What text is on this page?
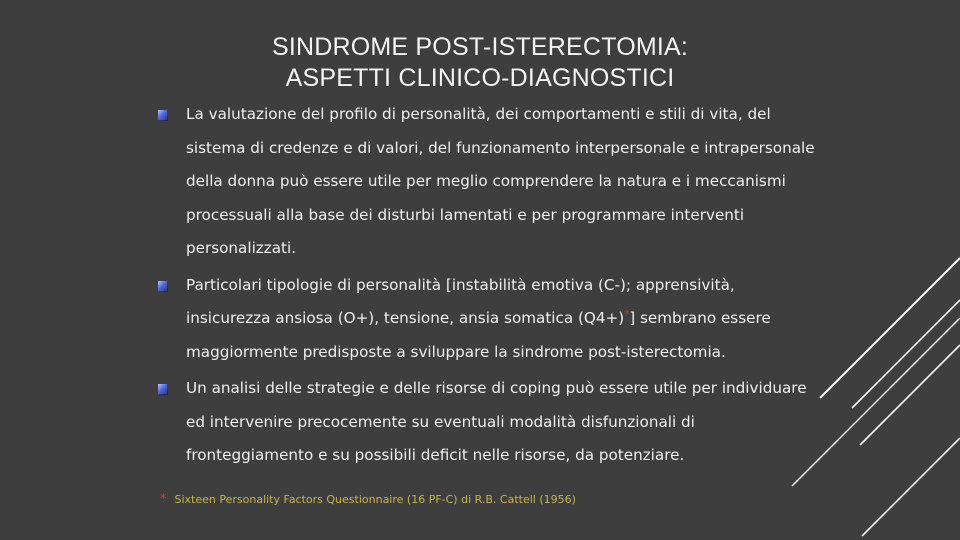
SINDROME POST-ISTERECTOMIA:
ASPETTI CLINICO-DIAGNOSTICI
La valutazione del profilo di personalità, dei comportamenti e stili di vita, del sistema di credenze e di valori, del funzionamento interpersonale e intrapersonale della donna può essere utile per meglio comprendere la natura e i meccanismi processuali alla base dei disturbi lamentati e per programmare interventi personalizzati.
Particolari tipologie di personalità [instabilità emotiva (C-); apprensività, insicurezza ansiosa (O+), tensione, ansia somatica (Q4+)*] sembrano essere maggiormente predisposte a sviluppare la sindrome post-isterectomia.
Un analisi delle strategie e delle risorse di coping può essere utile per individuare ed intervenire precocemente su eventuali modalità disfunzionali di fronteggiamento e su possibili deficit nelle risorse, da potenziare.
* Sixteen Personality Factors Questionnaire (16 PF-C) di R.B. Cattell (1956)
